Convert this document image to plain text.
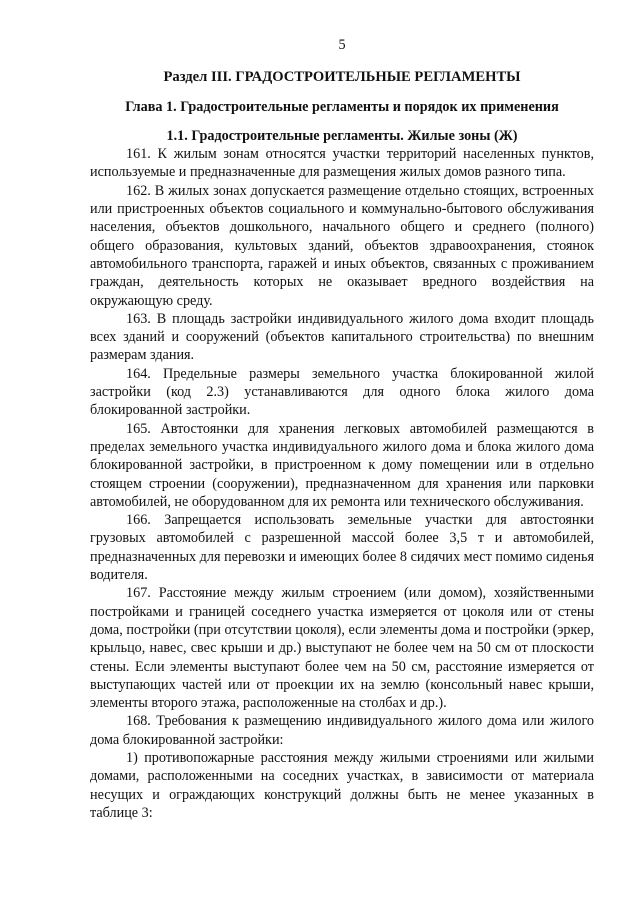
5
Раздел III. ГРАДОСТРОИТЕЛЬНЫЕ РЕГЛАМЕНТЫ
Глава 1. Градостроительные регламенты и порядок их применения
1.1. Градостроительные регламенты. Жилые зоны (Ж)

161. К жилым зонам относятся участки территорий населенных пунктов, используемые и предназначенные для размещения жилых домов разного типа.

162. В жилых зонах допускается размещение отдельно стоящих, встроенных или пристроенных объектов социального и коммунально-бытового обслуживания населения, объектов дошкольного, начального общего и среднего (полного) общего образования, культовых зданий, объектов здравоохранения, стоянок автомобильного транспорта, гаражей и иных объектов, связанных с проживанием граждан, деятельность которых не оказывает вредного воздействия на окружающую среду.

163. В площадь застройки индивидуального жилого дома входит площадь всех зданий и сооружений (объектов капитального строительства) по внешним размерам здания.

164. Предельные размеры земельного участка блокированной жилой застройки (код 2.3) устанавливаются для одного блока жилого дома блокированной застройки.

165. Автостоянки для хранения легковых автомобилей размещаются в пределах земельного участка индивидуального жилого дома и блока жилого дома блокированной застройки, в пристроенном к дому помещении или в отдельно стоящем строении (сооружении), предназначенном для хранения или парковки автомобилей, не оборудованном для их ремонта или технического обслуживания.

166. Запрещается использовать земельные участки для автостоянки грузовых автомобилей с разрешенной массой более 3,5 т и автомобилей, предназначенных для перевозки и имеющих более 8 сидячих мест помимо сиденья водителя.

167. Расстояние между жилым строением (или домом), хозяйственными постройками и границей соседнего участка измеряется от цоколя или от стены дома, постройки (при отсутствии цоколя), если элементы дома и постройки (эркер, крыльцо, навес, свес крыши и др.) выступают не более чем на 50 см от плоскости стены. Если элементы выступают более чем на 50 см, расстояние измеряется от выступающих частей или от проекции их на землю (консольный навес крыши, элементы второго этажа, расположенные на столбах и др.).

168. Требования к размещению индивидуального жилого дома или жилого дома блокированной застройки:

1) противопожарные расстояния между жилыми строениями или жилыми домами, расположенными на соседних участках, в зависимости от материала несущих и ограждающих конструкций должны быть не менее указанных в таблице 3:
